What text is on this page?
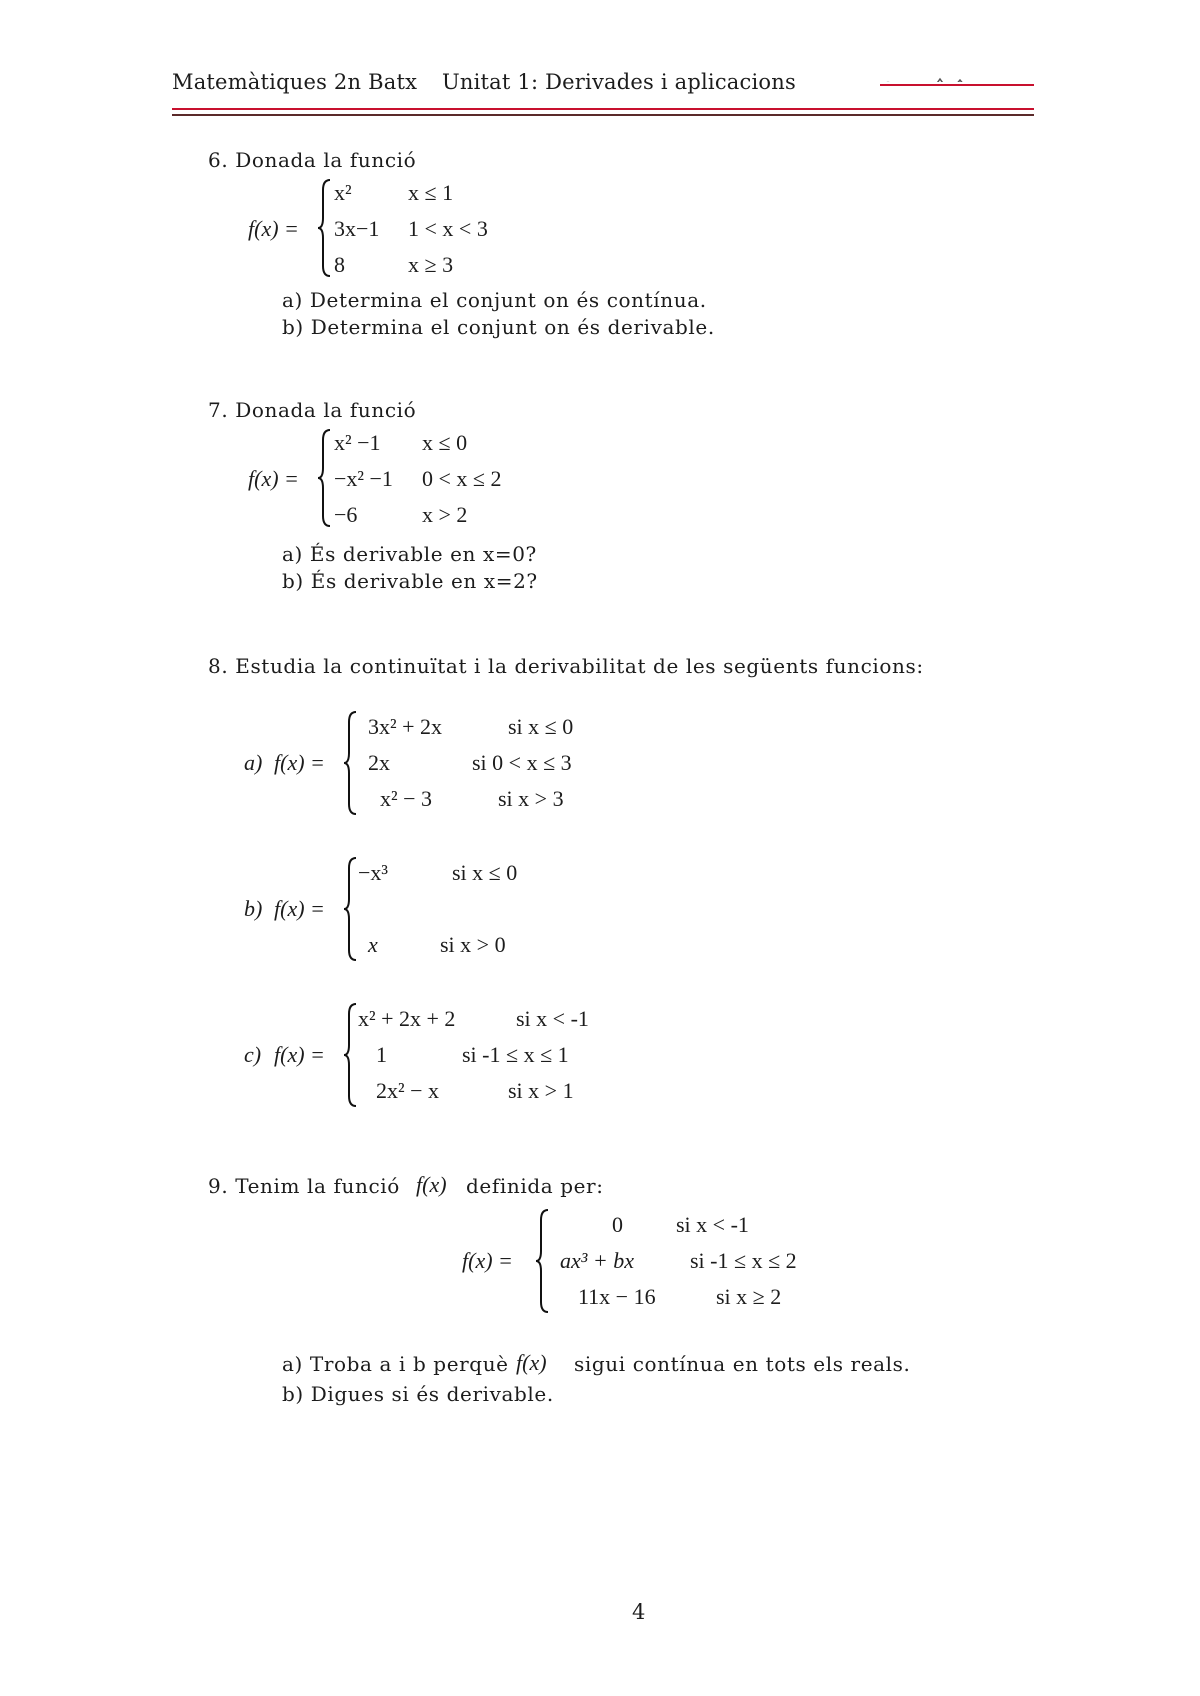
Matemàtiques 2n Batx Unitat 1: Derivades i aplicacions
6. Donada la funció
f(x) =
x²	x ≤ 1
3x−1 1 < x < 3
8	x ≥ 3
a) Determina el conjunt on és contínua.
b) Determina el conjunt on és derivable.
7. Donada la funció
f(x) =
x² −1 x ≤ 0
−x² −1 0 < x ≤ 2
−6	x > 2
a) És derivable en x=0?
b) És derivable en x=2?
8. Estudia la continuïtat i la derivabilitat de les següents funcions:
a) f(x) =
3x² + 2x	si x ≤ 0
2x	si 0 < x ≤ 3
x² − 3	si x > 3
b) f(x) =
−x³	si x ≤ 0
x	si x > 0
c) f(x) =
x² + 2x + 2	si x < -1
1	si -1 ≤ x ≤ 1
2x² − x	si x > 1
9. Tenim la funció f(x) definida per:
f(x) =
0 si x < -1
ax³ + bx	si -1 ≤ x ≤ 2
11x − 16	si x ≥ 2
a) Troba a i b perquè f(x) sigui contínua en tots els reals.
b) Digues si és derivable.
4
